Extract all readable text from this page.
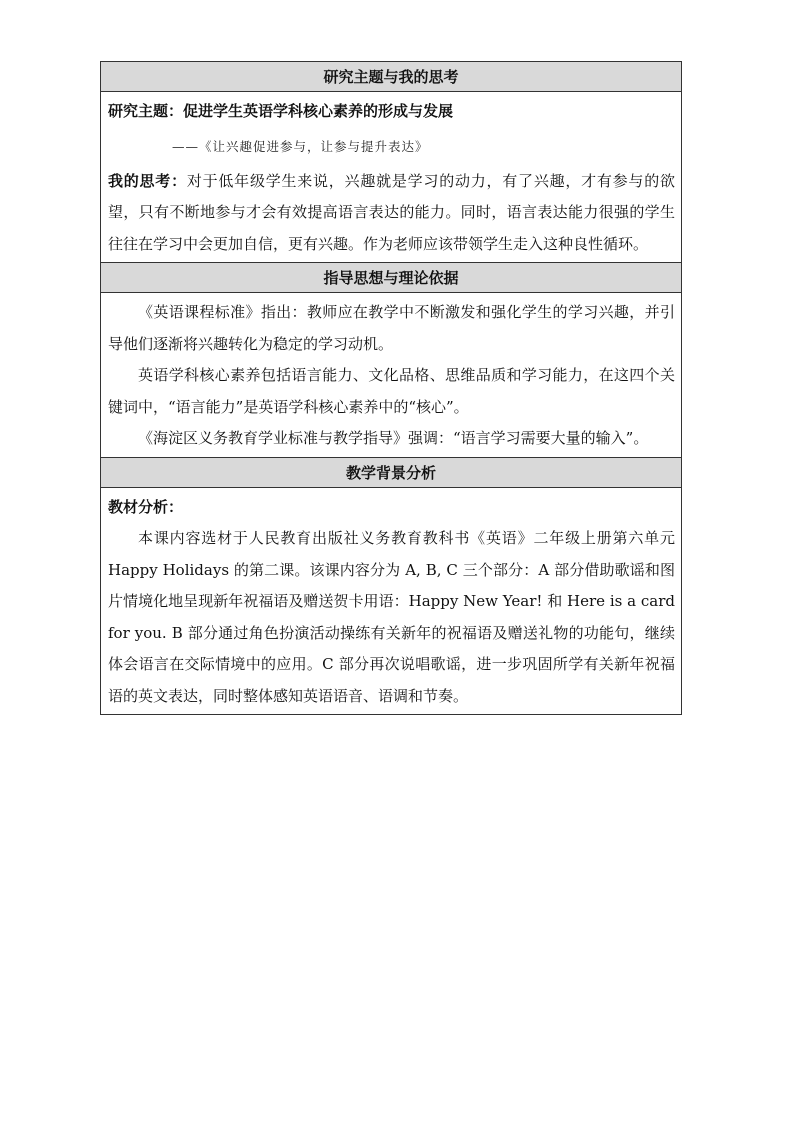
研究主题与我的思考

研究主题：促进学生英语学科核心素养的形成与发展

——《让兴趣促进参与，让参与提升表达》

我的思考：对于低年级学生来说，兴趣就是学习的动力，有了兴趣，才有参与的欲望，只有不断地参与才会有效提高语言表达的能力。同时，语言表达能力很强的学生往往在学习中会更加自信，更有兴趣。作为老师应该带领学生走入这种良性循环。

指导思想与理论依据

《英语课程标准》指出：教师应在教学中不断激发和强化学生的学习兴趣，并引导他们逐渐将兴趣转化为稳定的学习动机。

英语学科核心素养包括语言能力、文化品格、思维品质和学习能力，在这四个关键词中，“语言能力”是英语学科核心素养中的“核心”。

《海淀区义务教育学业标准与教学指导》强调：“语言学习需要大量的输入”。

教学背景分析

教材分析：

本课内容选材于人民教育出版社义务教育教科书《英语》二年级上册第六单元 Happy Holidays 的第二课。该课内容分为 A, B, C 三个部分：A 部分借助歌谣和图片情境化地呈现新年祝福语及赠送贺卡用语：Happy New Year! 和 Here is a card for you. B 部分通过角色扮演活动操练有关新年的祝福语及赠送礼物的功能句，继续体会语言在交际情境中的应用。C 部分再次说唱歌谣，进一步巩固所学有关新年祝福语的英文表达，同时整体感知英语语音、语调和节奏。
